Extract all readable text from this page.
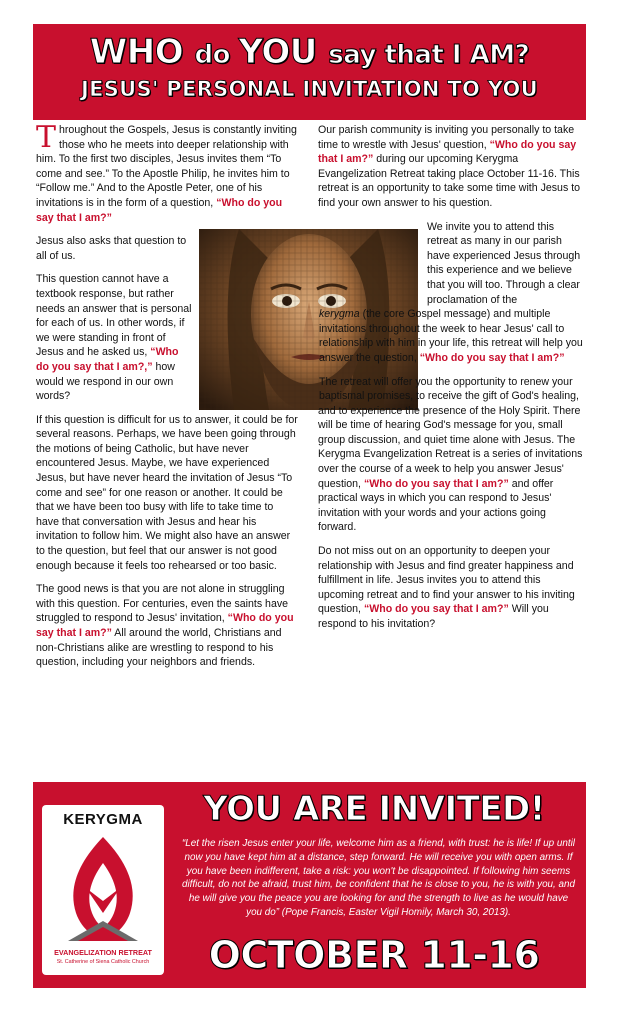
WHO do YOU say that I AM?
JESUS' PERSONAL INVITATION TO YOU

Throughout the Gospels, Jesus is constantly inviting those who he meets into deeper relationship with him. To the first two disciples, Jesus invites them “To come and see.” To the Apostle Philip, he invites him to “Follow me.” And to the Apostle Peter, one of his invitations is in the form of a question, “Who do you say that I am?”

Jesus also asks that question to all of us.

This question cannot have a textbook response, but rather needs an answer that is personal for each of us. In other words, if we were standing in front of Jesus and he asked us, “Who do you say that I am?,” how would we respond in our own words?

If this question is difficult for us to answer, it could be for several reasons. Perhaps, we have been going through the motions of being Catholic, but have never encountered Jesus. Maybe, we have experienced Jesus, but have never heard the invitation of Jesus “To come and see” for one reason or another. It could be that we have been too busy with life to take time to have that conversation with Jesus and hear his invitation to follow him. We might also have an answer to the question, but feel that our answer is not good enough because it feels too rehearsed or too basic.

The good news is that you are not alone in struggling with this question. For centuries, even the saints have struggled to respond to Jesus' invitation, “Who do you say that I am?” All around the world, Christians and non-Christians alike are wrestling to respond to his question, including your neighbors and friends.

Our parish community is inviting you personally to take time to wrestle with Jesus' question, “Who do you say that I am?” during our upcoming Kerygma Evangelization Retreat taking place October 11-16. This retreat is an opportunity to take some time with Jesus to find your own answer to his question.

We invite you to attend this retreat as many in our parish have experienced Jesus through this experience and we believe that you will too. Through a clear proclamation of the

kerygma (the core Gospel message) and multiple invitations throughout the week to hear Jesus' call to relationship with him in your life, this retreat will help you answer the question, “Who do you say that I am?”

The retreat will offer you the opportunity to renew your baptismal promises, to receive the gift of God's healing, and to experience the presence of the Holy Spirit. There will be time of hearing God's message for you, small group discussion, and quiet time alone with Jesus. The Kerygma Evangelization Retreat is a series of invitations over the course of a week to help you answer Jesus' question, “Who do you say that I am?” and offer practical ways in which you can respond to Jesus' invitation with your words and your actions going forward.

Do not miss out on an opportunity to deepen your relationship with Jesus and find greater happiness and fulfillment in life. Jesus invites you to attend this upcoming retreat and to find your answer to his inviting question, “Who do you say that I am?” Will you respond to his invitation?

KERYGMA
EVANGELIZATION RETREAT
St. Catherine of Siena Catholic Church
YOU ARE INVITED!
“Let the risen Jesus enter your life, welcome him as a friend, with trust: he is life! If up until now you have kept him at a distance, step forward. He will receive you with open arms. If you have been indifferent, take a risk: you won't be disappointed. If following him seems difficult, do not be afraid, trust him, be confident that he is close to you, he is with you, and he will give you the peace you are looking for and the strength to live as he would have you do” (Pope Francis, Easter Vigil Homily, March 30, 2013).
OCTOBER 11-16
